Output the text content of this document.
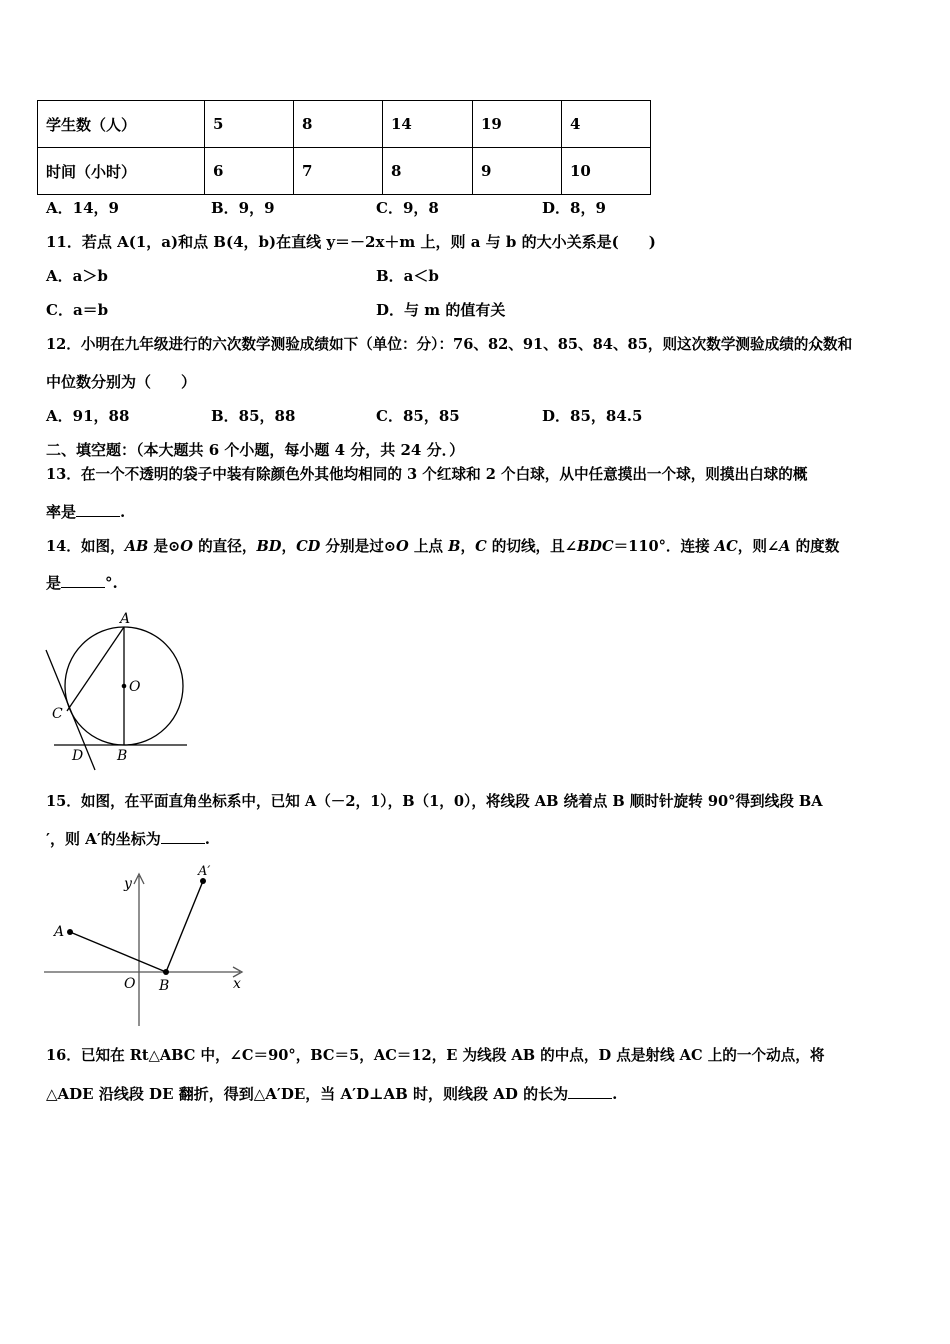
学生数（人）	5	8	14	19	4
时间（小时）	6	7	8	9	10
A．14，9	B．9，9	C．9，8	D．8，9
11．若点 A(1，a)和点 B(4，b)在直线 y＝－2x＋m 上，则 a 与 b 的大小关系是(　　)
A．a＞b	B．a＜b
C．a＝b	D．与 m 的值有关
12．小明在九年级进行的六次数学测验成绩如下（单位：分）：76、82、91、85、84、85，则这次数学测验成绩的众数和
中位数分别为（　　）
A．91，88	B．85，88	C．85，85	D．85，84.5
二、填空题：（本大题共 6 个小题，每小题 4 分，共 24 分．）
13．在一个不透明的袋子中装有除颜色外其他均相同的 3 个红球和 2 个白球，从中任意摸出一个球，则摸出白球的概
率是	.
14．如图，AB 是⊙O 的直径，BD，CD 分别是过⊙O 上点 B，C 的切线，且∠BDC＝110°．连接 AC，则∠A 的度数
是	°.
A
O
C
D B
15．如图，在平面直角坐标系中，已知 A（－2，1），B（1，0），将线段 AB 绕着点 B 顺时针旋转 90°得到线段 BA
′，则 A′的坐标为	.
y
A′
A
O B	x
16．已知在 Rt△ABC 中，∠C＝90°，BC＝5，AC＝12，E 为线段 AB 的中点，D 点是射线 AC 上的一个动点，将
△ADE 沿线段 DE 翻折，得到△A′DE，当 A′D⊥AB 时，则线段 AD 的长为	.
